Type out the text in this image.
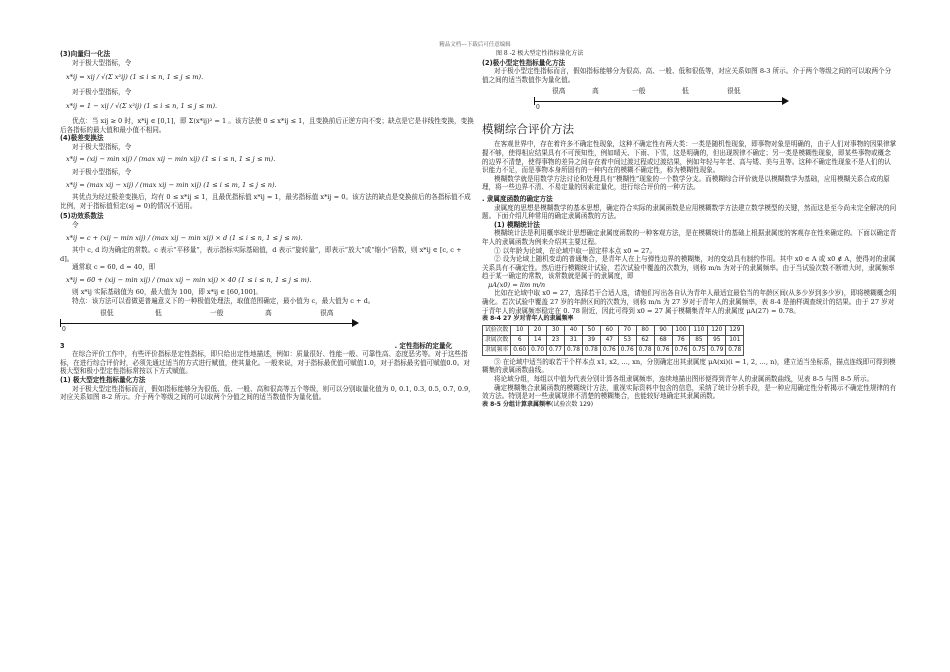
精品文档---下载后可任意编辑

(3)向量归一化法

对于极大型指标，令

x*ij = xij / √(Σ x²ij) (1 ≤ i ≤ n, 1 ≤ j ≤ m).

对于极小型指标，令

x*ij = 1 − xij / √(Σ x²ij) (1 ≤ i ≤ n, 1 ≤ j ≤ m).

优点：当 xij ≥ 0 时，x*ij ∈ [0,1]，即 Σ(x*ij)² = 1 。该方法使 0 ≤ x*ij ≤ 1，且变换前后正逆方向不变；缺点是它是非线性变换，变换后各指标的最大值和最小值不相同。

(4)极差变换法

对于极大型指标，令

x*ij = (xij − min xij) / (max xij − min xij) (1 ≤ i ≤ n, 1 ≤ j ≤ m).

对于极小型指标，令

x*ij = (max xij − xij) / (max xij − min xij) (1 ≤ i ≤ m, 1 ≤ j ≤ n).

其优点为经过极差变换后，均有 0 ≤ x*ij ≤ 1，且最优指标值 x*ij = 1，最劣指标值 x*ij = 0。该方法的缺点是变换前后的各指标值不成比例，对于指标值恒定(sj = 0)的情况不适用。

(5)功效系数法

令

x*ij = c + (xij − min xij) / (max xij − min xij) × d (1 ≤ i ≤ n, 1 ≤ j ≤ m).

其中 c, d 均为确定的常数。c 表示“平移量”，表示指标实际基础值，d 表示“旋转量”，即表示“放大”或“缩小”倍数，则 x*ij ∈ [c, c + d]。

通常取 c = 60, d = 40，即

x*ij = 60 + (xij − min xij) / (max xij − min xij) × 40 (1 ≤ i ≤ n, 1 ≤ j ≤ m).

则 x*ij 实际基础值为 60，最大值为 100，即 x*ij ∈ [60,100]。

特点：该方法可以看做更普遍意义下的一种极值处理法，取值范围确定，最小值为 c，最大值为 c + d。

很低	低	一般	高	很高
0

3	. 定性指标的定量化

在综合评价工作中，有些评价指标是定性指标，即只给出定性地描述，例如：质量很好、性能一般、可靠性高、态度恶劣等。对于这些指标，在进行综合评价时，必须先通过适当的方式进行赋值，使其量化。一般来说，对于指标最优值可赋值1.0，对于指标最劣值可赋值0.0。对极大型和极小型定性指标常按以下方式赋值。

(1) 极大型定性指标量化方法

对于极大型定性指标而言，假如指标能够分为很低、低、一般、高和很高等五个等级，则可以分别取量化值为 0, 0.1, 0.3, 0.5, 0.7, 0.9，对应关系如图 8-2 所示。介于两个等级之间的可以取两个分值之间的适当数值作为量化值。

图 8 -2 极大型定性指标量化方法

(2)极小型定性指标量化方法

对于极小型定性指标而言，假如指标能够分为很高、高、一般、低和很低等，对应关系如图 8-3 所示。介于两个等级之间的可以取两个分值之间的适当数值作为量化值。

很高	高	一般	低	很低
0

模糊综合评价方法

在客观世界中，存在着许多不确定性现象，这种不确定性有两大类：一类是随机性现象，即事物对象是明确的，由于人们对事物的因果律掌握不够，使得相应结果具有不可预知性，例如晴天、下雨、下雪，这是明确的，但出现规律不确定；另一类是模糊性现象，即某些事物或概念的边界不清楚，使得事物的差异之间存在着中间过渡过程或过渡结果，例如年轻与年老、高与矮、美与丑等。这种不确定性现象不是人们的认识能力不足，而是事物本身所固有的一种内在的模糊不确定性，称为模糊性现象。

模糊数学就是用数学方法讨论和处理具有“模糊性”现象的一个数学分支。而模糊综合评价就是以模糊数学为基础，应用模糊关系合成的原理，将一些边界不清、不易定量的因素定量化，进行综合评价的一种方法。

. 隶属度函数的确定方法

隶属度的思想是模糊数学的基本思想，确定符合实际的隶属函数是应用模糊数学方法建立数学模型的关键，然而这是至今尚未完全解决的问题。下面介绍几种常用的确定隶属函数的方法。

(1) 模糊统计法

模糊统计法是利用概率统计思想确定隶属度函数的一种客观方法，是在模糊统计的基础上根据隶属度的客观存在性来确定的。下面以确定青年人的隶属函数为例来介绍其主要过程。

① 以年龄为论域，在论域中取一固定样本点 x0 = 27。

② 设为论域上随机变动的普通集合，是青年人在上与弹性边界的模糊集，对的变动具有制约作用。其中 x0 ∈ A 或 x0 ∉ A，使得对的隶属关系具有不确定性。然后进行模糊统计试验，若次试验中覆盖的次数为，则称 m/n 为对于的隶属频率。由于当试验次数不断增大时，隶属频率趋于某一确定的常数，该常数就是属于的隶属度，即

μA(x0) = lim m/n

比如在论域中取 x0 = 27，选择若干合适人选，请他们写出各自认为青年人最适宜最恰当的年龄区间(从多少岁到多少岁)，即将模糊概念明确化。若次试验中覆盖 27 岁的年龄区间的次数为，则称 m/n 为 27 岁对于青年人的隶属频率，表 8-4 是抽样调查统计的结果。由于 27 岁对于青年人的隶属频率稳定在 0. 78 附近，因此可得到 x0 = 27 属于模糊集青年人的隶属度 μA(27) = 0.78。

表 8-4 27 岁对青年人的隶属频率

试验次数	10	20	30	40	50	60	70	80	90	100	110	120	129
隶属次数	6	14	23	31	39	47	53	62	68	76	85	95	101
隶属频率	0.60	0.70	0.77	0.78	0.78	0.76	0.76	0.78	0.76	0.76	0.75	0.79	0.78

③ 在论域中适当的取若干个样本点 x1, x2, …, xn，分别确定出其隶属度 μA(xi)(i = 1, 2, …, n)，建立适当坐标系，描点连线即可得到模糊集的隶属函数曲线。

将论域分组，每组以中值为代表分别计算各组隶属频率，连续地描出图形便得到青年人的隶属函数曲线，见表 8-5 与图 8-5 所示。

确定模糊集合隶属函数的模糊统计方法，重视实际资料中包含的信息，采纳了统计分析手段，是一种应用确定性分析揭示不确定性规律的有效方法。特别是对一些隶属规律不清楚的模糊集合，也能较好地确定其隶属函数。

表 8-5 分组计算隶属频率(试验次数 129)
